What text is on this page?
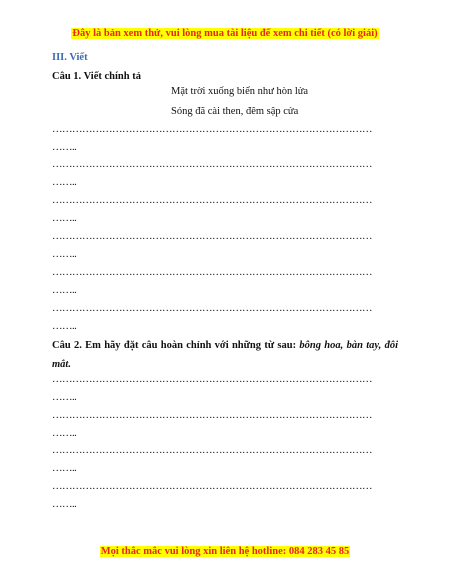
Đây là bản xem thử, vui lòng mua tài liệu để xem chi tiết (có lời giải)
III. Viết
Câu 1. Viết chính tả
Mặt trời xuống biển như hòn lửa
Sóng đã cài then, đêm sập cửa
……………………………………………………………………………………
……..
……………………………………………………………………………………
……..
……………………………………………………………………………………
……..
……………………………………………………………………………………
……..
……………………………………………………………………………………
……..
……………………………………………………………………………………
……..
Câu 2. Em hãy đặt câu hoàn chỉnh với những từ sau: bông hoa, bàn tay, đôi mắt.
……………………………………………………………………………………
……..
……………………………………………………………………………………
……..
……………………………………………………………………………………
……..
……………………………………………………………………………………
……..
Mọi thắc mắc vui lòng xin liên hệ hotline: 084 283 45 85
